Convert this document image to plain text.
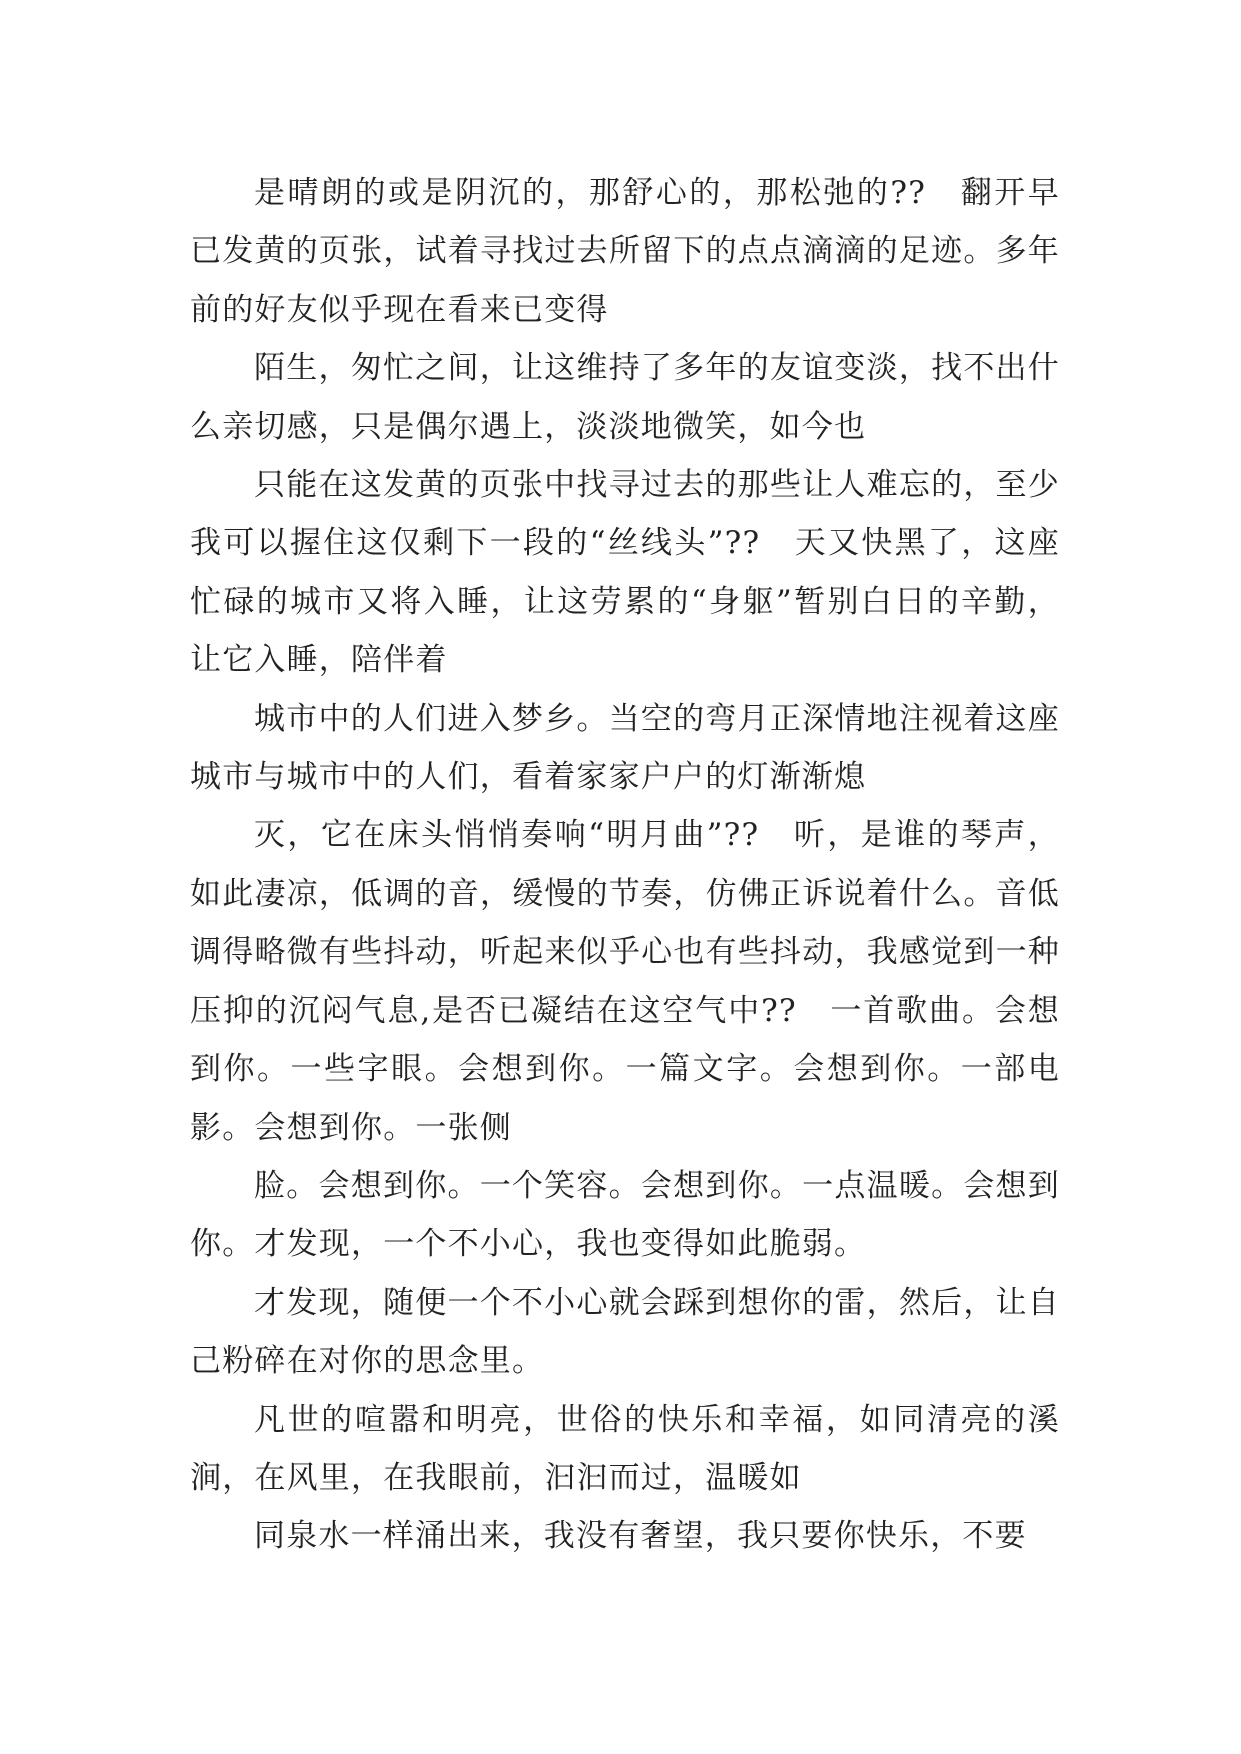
是晴朗的或是阴沉的，那舒心的，那松弛的??　翻开早已发黄的页张，试着寻找过去所留下的点点滴滴的足迹。多年前的好友似乎现在看来已变得

陌生，匆忙之间，让这维持了多年的友谊变淡，找不出什么亲切感，只是偶尔遇上，淡淡地微笑，如今也

只能在这发黄的页张中找寻过去的那些让人难忘的，至少我可以握住这仅剩下一段的“丝线头”??　天又快黑了，这座忙碌的城市又将入睡，让这劳累的“身躯”暂别白日的辛勤，让它入睡，陪伴着

城市中的人们进入梦乡。当空的弯月正深情地注视着这座城市与城市中的人们，看着家家户户的灯渐渐熄

灭，它在床头悄悄奏响“明月曲”??　听，是谁的琴声，如此凄凉，低调的音，缓慢的节奏，仿佛正诉说着什么。音低调得略微有些抖动，听起来似乎心也有些抖动，我感觉到一种压抑的沉闷气息,是否已凝结在这空气中??　一首歌曲。会想到你。一些字眼。会想到你。一篇文字。会想到你。一部电影。会想到你。一张侧

脸。会想到你。一个笑容。会想到你。一点温暖。会想到你。才发现，一个不小心，我也变得如此脆弱。

才发现，随便一个不小心就会踩到想你的雷，然后，让自己粉碎在对你的思念里。

凡世的喧嚣和明亮，世俗的快乐和幸福，如同清亮的溪涧，在风里，在我眼前，汩汩而过，温暖如

同泉水一样涌出来，我没有奢望，我只要你快乐，不要
